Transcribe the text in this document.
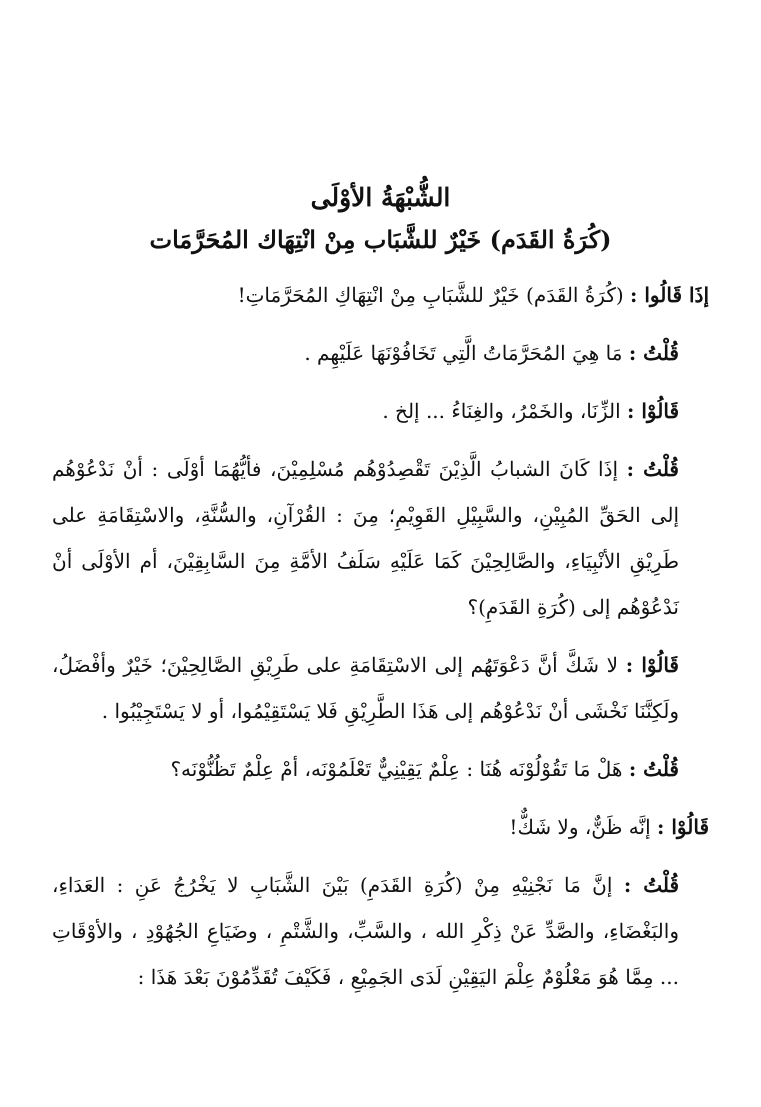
الشُّبْهَةُ الأوْلَى
(كُرَةُ القَدَم) خَيْرٌ للشَّبَاب مِنْ انْتِهَاك المُحَرَّمَات

إذَا قَالُوا : (كُرَةُ القَدَم) خَيْرٌ للشَّبَابِ مِنْ انْتِهَاكِ المُحَرَّمَاتِ!

قُلْتُ : مَا هِيَ المُحَرَّمَاتُ الَّتِي تَخَافُوْنَهَا عَلَيْهِم .

قَالُوْا : الزِّنَا، والخَمْرُ، والغِنَاءُ ... إلخ .

قُلْتُ : إذَا كَانَ الشبابُ الَّذِيْنَ تَقْصِدُوْهُم مُسْلِمِيْنَ، فأيُّهُمَا أوْلَى : أنْ نَدْعُوْهُم إلى الحَقِّ المُبِيْنِ، والسَّبِيْلِ القَوِيْمِ؛ مِنَ : القُرْآنِ، والسُّنَّةِ، والاسْتِقَامَةِ على طَرِيْقِ الأنْبِيَاءِ، والصَّالِحِيْنَ كَمَا عَلَيْهِ سَلَفُ الأمَّةِ مِنَ السَّابِقِيْنَ، أم الأوْلَى أنْ نَدْعُوْهُم إلى (كُرَةِ القَدَمِ)؟

قَالُوْا : لا شَكَّ أنَّ دَعْوَتَهُم إلى الاسْتِقَامَةِ على طَرِيْقِ الصَّالِحِيْنَ؛ خَيْرٌ وأفْضَلُ، ولَكِنَّنَا نَخْشَى أنْ نَدْعُوْهُم إلى هَذَا الطَّرِيْقِ فَلا يَسْتَقِيْمُوا، أو لا يَسْتَجِيْبُوا .

قُلْتُ : هَلْ مَا تَقُوْلُوْنَه هُنَا : عِلْمٌ يَقِيْنِيٌّ تَعْلَمُوْنَه، أمْ عِلْمٌ تَظُنُّوْنَه؟

قَالُوْا : إنَّه ظَنٌّ، ولا شَكٌّ!

قُلْتُ : إنَّ مَا نَجْنِيْهِ مِنْ (كُرَةِ القَدَمِ) بَيْنَ الشَّبَابِ لا يَخْرُجُ عَنِ : العَدَاءِ، والبَغْضَاءِ، والصَّدِّ عَنْ ذِكْرِ الله ، والسَّبِّ، والشَّتْمِ ، وضَيَاعِ الجُهُوْدِ ، والأوْقَاتِ ... مِمَّا هُوَ مَعْلُوْمٌ عِلْمَ اليَقِيْنِ لَدَى الجَمِيْعِ ، فَكَيْفَ تُقَدِّمُوْنَ بَعْدَ هَذَا :
